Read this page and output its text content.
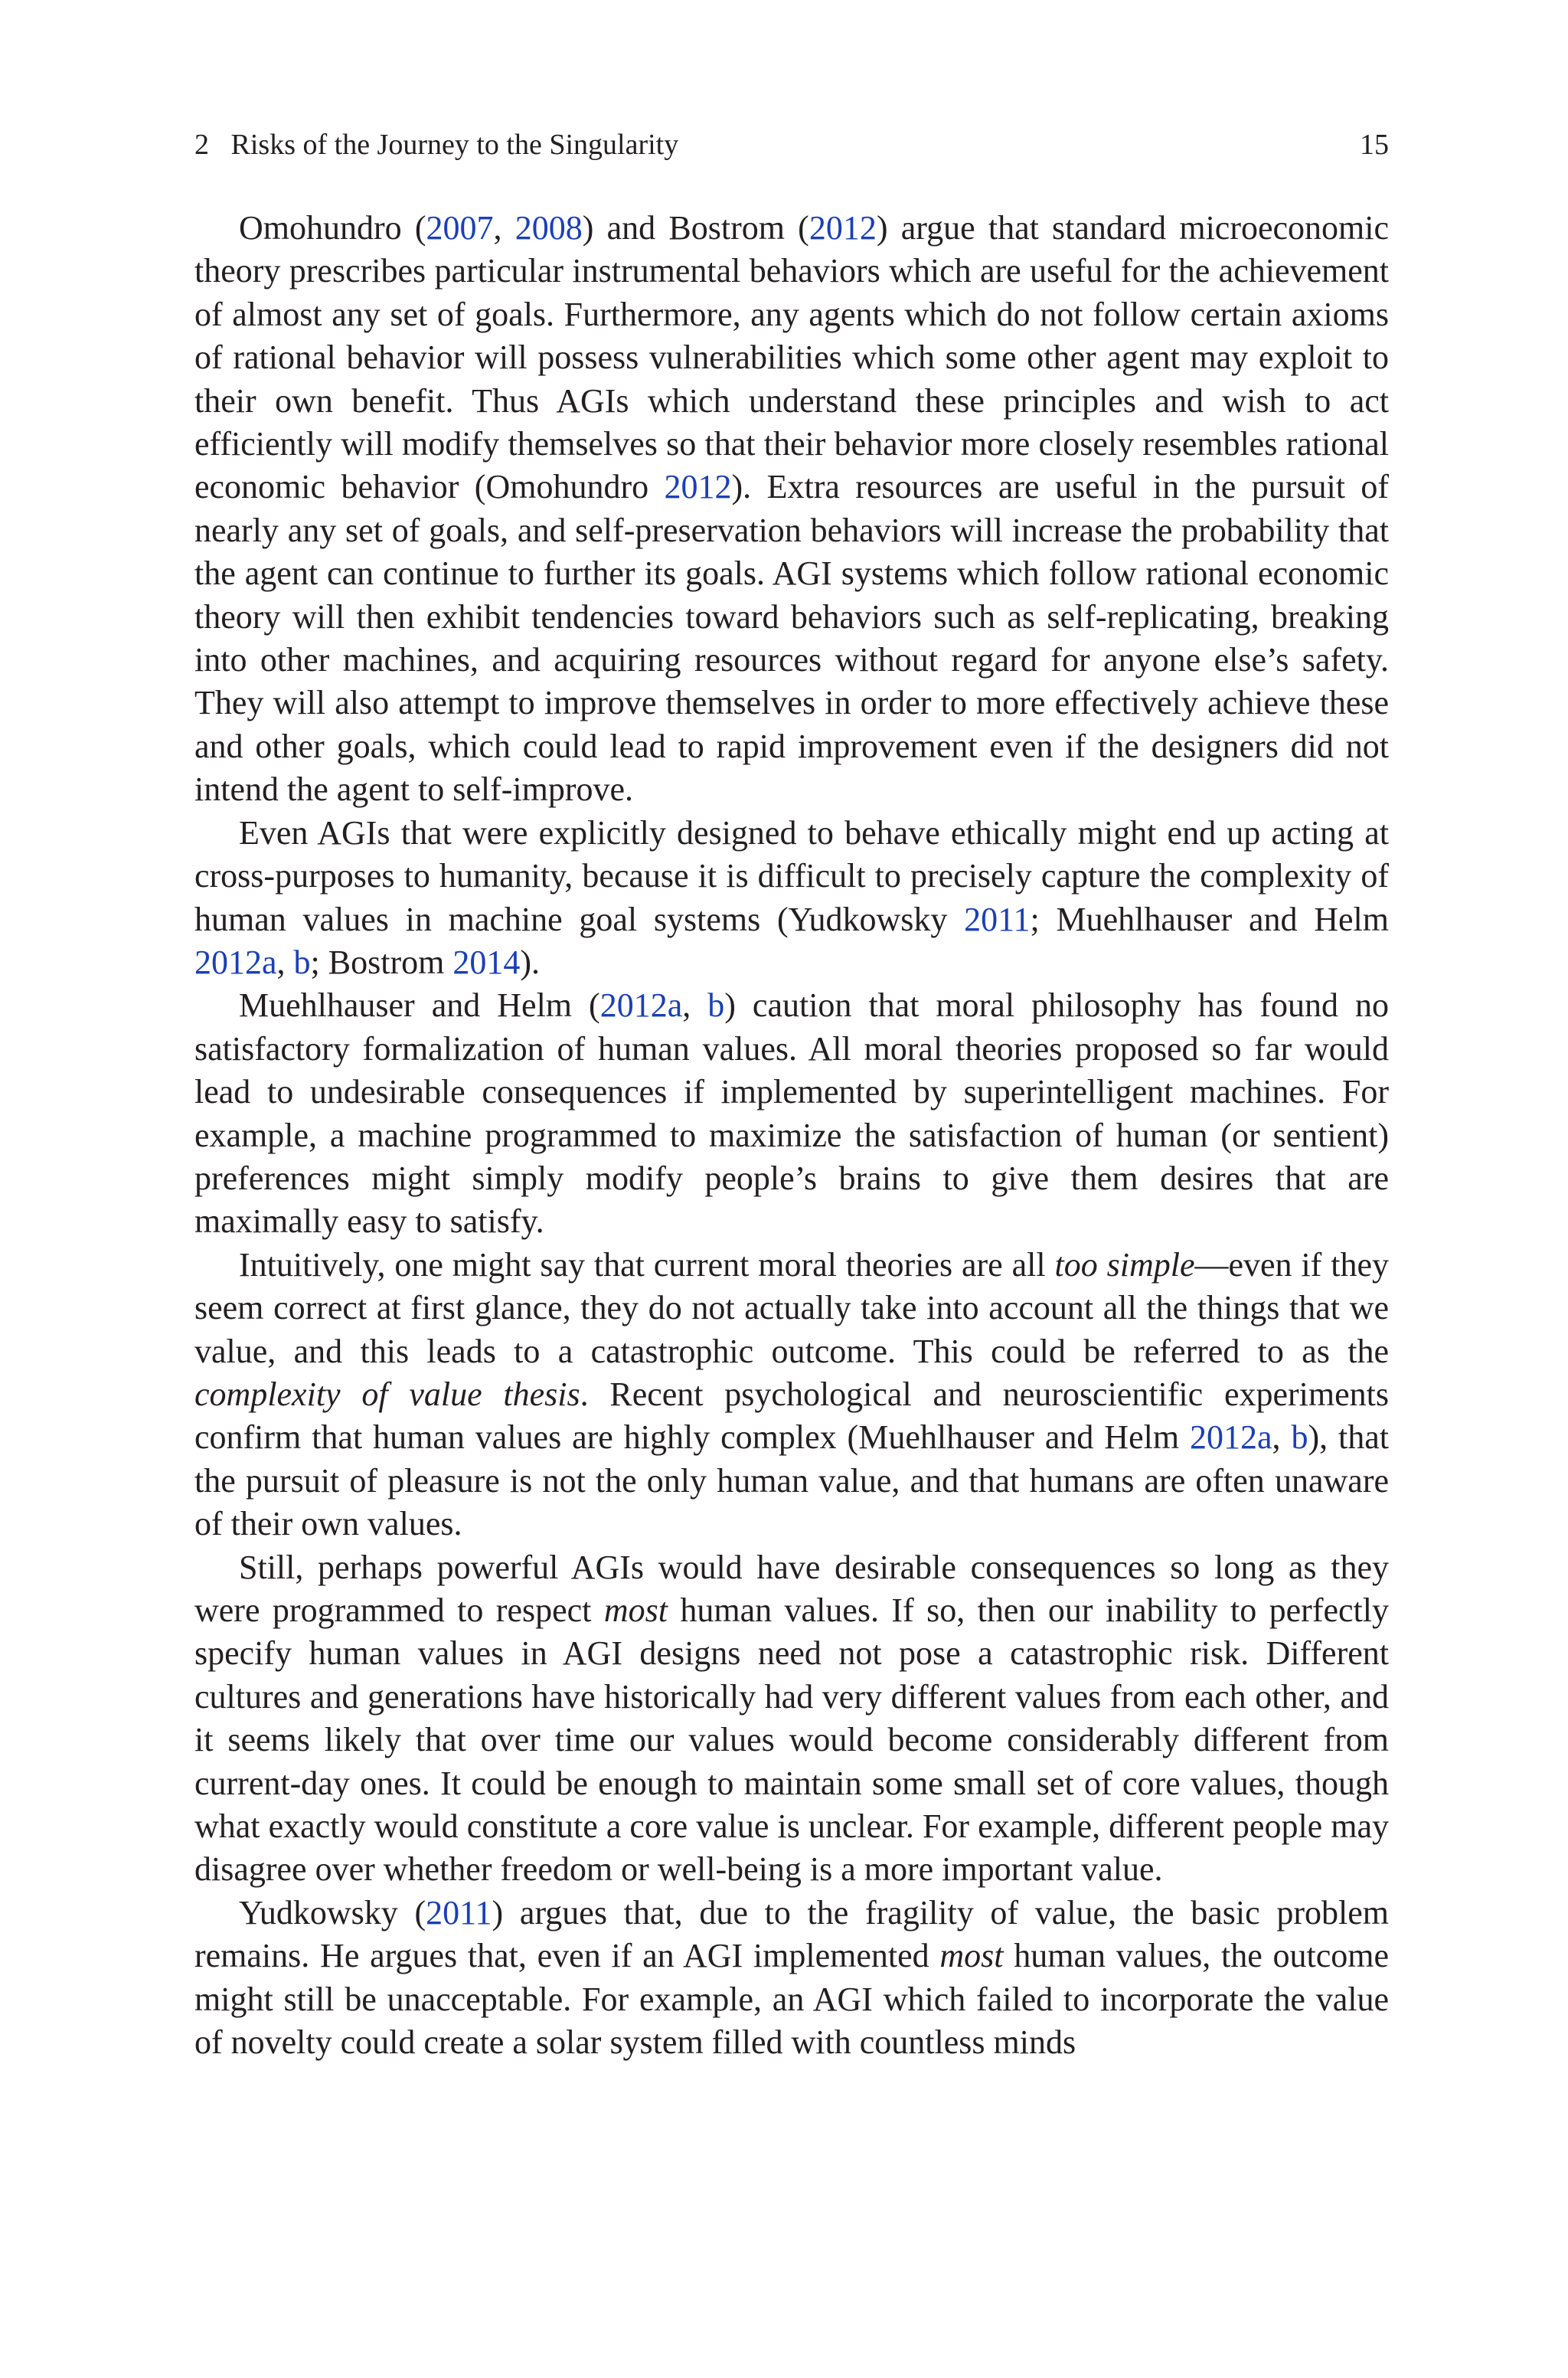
2 Risks of the Journey to the Singularity	15

Omohundro (2007, 2008) and Bostrom (2012) argue that standard microeconomic theory prescribes particular instrumental behaviors which are useful for the achievement of almost any set of goals. Furthermore, any agents which do not follow certain axioms of rational behavior will possess vulnerabilities which some other agent may exploit to their own benefit. Thus AGIs which understand these principles and wish to act efficiently will modify themselves so that their behavior more closely resembles rational economic behavior (Omohundro 2012). Extra resources are useful in the pursuit of nearly any set of goals, and self-preservation behaviors will increase the probability that the agent can continue to further its goals. AGI systems which follow rational economic theory will then exhibit tendencies toward behaviors such as self-replicating, breaking into other machines, and acquiring resources without regard for anyone else’s safety. They will also attempt to improve themselves in order to more effectively achieve these and other goals, which could lead to rapid improvement even if the designers did not intend the agent to self-improve.

Even AGIs that were explicitly designed to behave ethically might end up acting at cross-purposes to humanity, because it is difficult to precisely capture the complexity of human values in machine goal systems (Yudkowsky 2011; Muehlhauser and Helm 2012a, b; Bostrom 2014).

Muehlhauser and Helm (2012a, b) caution that moral philosophy has found no satisfactory formalization of human values. All moral theories proposed so far would lead to undesirable consequences if implemented by superintelligent machines. For example, a machine programmed to maximize the satisfaction of human (or sentient) preferences might simply modify people’s brains to give them desires that are maximally easy to satisfy.

Intuitively, one might say that current moral theories are all too simple—even if they seem correct at first glance, they do not actually take into account all the things that we value, and this leads to a catastrophic outcome. This could be referred to as the complexity of value thesis. Recent psychological and neuroscientific experiments confirm that human values are highly complex (Muehlhauser and Helm 2012a, b), that the pursuit of pleasure is not the only human value, and that humans are often unaware of their own values.

Still, perhaps powerful AGIs would have desirable consequences so long as they were programmed to respect most human values. If so, then our inability to perfectly specify human values in AGI designs need not pose a catastrophic risk. Different cultures and generations have historically had very different values from each other, and it seems likely that over time our values would become considerably different from current-day ones. It could be enough to maintain some small set of core values, though what exactly would constitute a core value is unclear. For example, different people may disagree over whether freedom or well-being is a more important value.

Yudkowsky (2011) argues that, due to the fragility of value, the basic problem remains. He argues that, even if an AGI implemented most human values, the outcome might still be unacceptable. For example, an AGI which failed to incorporate the value of novelty could create a solar system filled with countless minds
